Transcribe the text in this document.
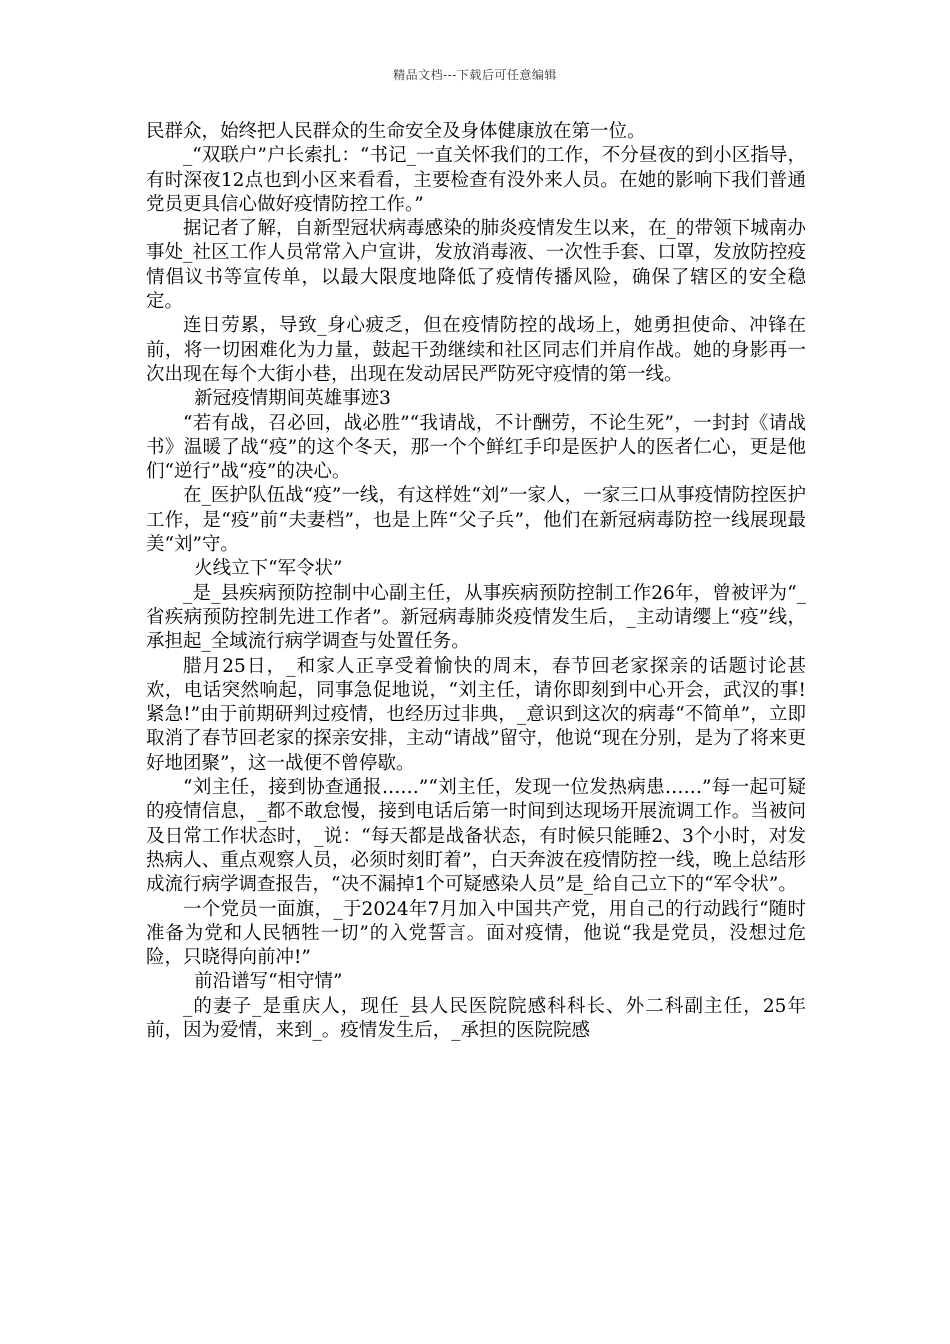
精品文档---下载后可任意编辑

民群众，始终把人民群众的生命安全及身体健康放在第一位。

_“双联户”户长索扎：“书记_一直关怀我们的工作，不分昼夜的到小区指导，有时深夜12点也到小区来看看，主要检查有没外来人员。在她的影响下我们普通党员更具信心做好疫情防控工作。”

据记者了解，自新型冠状病毒感染的肺炎疫情发生以来，在_的带领下城南办事处_社区工作人员常常入户宣讲，发放消毒液、一次性手套、口罩，发放防控疫情倡议书等宣传单，以最大限度地降低了疫情传播风险，确保了辖区的安全稳定。

连日劳累，导致_身心疲乏，但在疫情防控的战场上，她勇担使命、冲锋在前，将一切困难化为力量，鼓起干劲继续和社区同志们并肩作战。她的身影再一次出现在每个大街小巷，出现在发动居民严防死守疫情的第一线。

新冠疫情期间英雄事迹3

“若有战，召必回，战必胜”“我请战，不计酬劳，不论生死”，一封封《请战书》温暖了战“疫”的这个冬天，那一个个鲜红手印是医护人的医者仁心，更是他们“逆行”战“疫”的决心。

在_医护队伍战“疫”一线，有这样姓“刘”一家人，一家三口从事疫情防控医护工作，是“疫”前“夫妻档”，也是上阵“父子兵”，他们在新冠病毒防控一线展现最美“刘”守。

火线立下“军令状”

_是_县疾病预防控制中心副主任，从事疾病预防控制工作26年，曾被评为“_省疾病预防控制先进工作者”。新冠病毒肺炎疫情发生后，_主动请缨上“疫”线，承担起_全域流行病学调查与处置任务。

腊月25日，_和家人正享受着愉快的周末，春节回老家探亲的话题讨论甚欢，电话突然响起，同事急促地说，“刘主任，请你即刻到中心开会，武汉的事!紧急!”由于前期研判过疫情，也经历过非典，_意识到这次的病毒“不简单”，立即取消了春节回老家的探亲安排，主动“请战”留守，他说“现在分别，是为了将来更好地团聚”，这一战便不曾停歇。

“刘主任，接到协查通报……”“刘主任，发现一位发热病患……”每一起可疑的疫情信息，_都不敢怠慢，接到电话后第一时间到达现场开展流调工作。当被问及日常工作状态时，_说：“每天都是战备状态，有时候只能睡2、3个小时，对发热病人、重点观察人员，必须时刻盯着”，白天奔波在疫情防控一线，晚上总结形成流行病学调查报告，“决不漏掉1个可疑感染人员”是_给自己立下的“军令状”。

一个党员一面旗，_于2024年7月加入中国共产党，用自己的行动践行“随时准备为党和人民牺牲一切”的入党誓言。面对疫情，他说“我是党员，没想过危险，只晓得向前冲!”

前沿谱写“相守情”

_的妻子_是重庆人，现任_县人民医院院感科科长、外二科副主任，25年前，因为爱情，来到_。疫情发生后，_承担的医院院感
